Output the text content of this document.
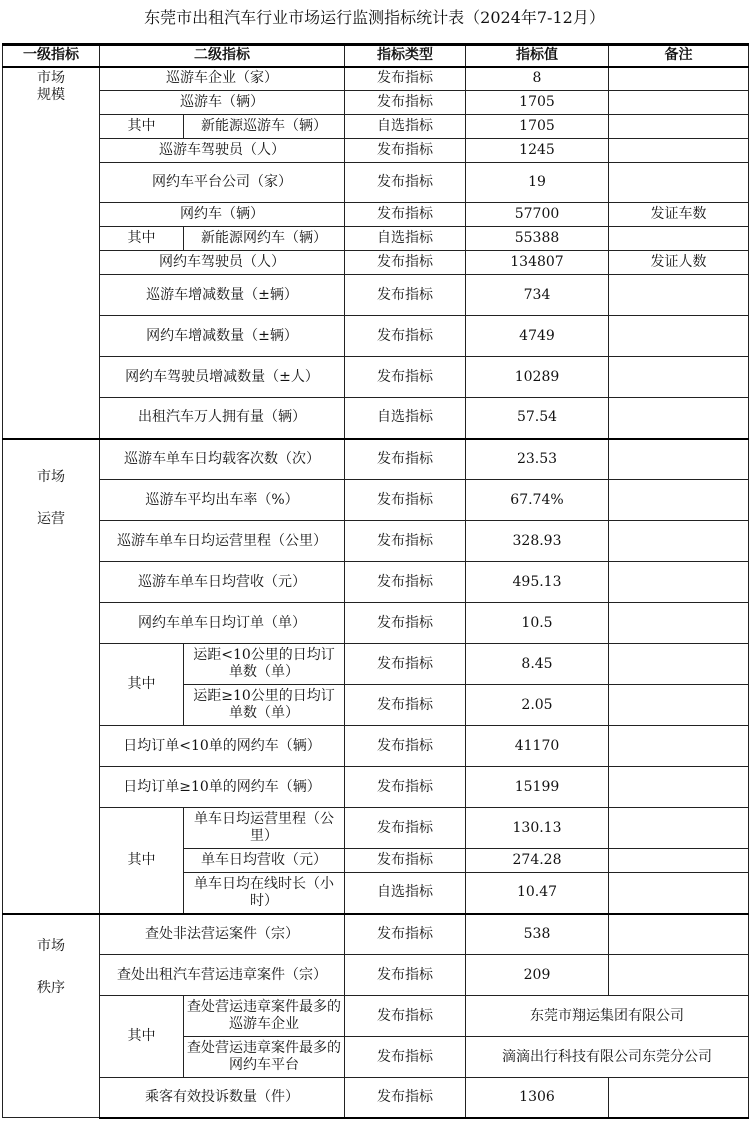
东莞市出租汽车行业市场运行监测指标统计表（2024年7-12月）
一级指标	二级指标		指标类型	指标值	备注
市场
规模	巡游车企业（家）		发布指标	8	
	巡游车（辆）		发布指标	1705	
	其中	新能源巡游车（辆）	自选指标	1705	
	巡游车驾驶员（人）		发布指标	1245	
	网约车平台公司（家）		发布指标	19	
	网约车（辆）		发布指标	57700	发证车数
	其中	新能源网约车（辆）	自选指标	55388	
	网约车驾驶员（人）		发布指标	134807	发证人数
	巡游车增减数量（±辆）		发布指标	734	
	网约车增减数量（±辆）		发布指标	4749	
	网约车驾驶员增减数量（±人）		发布指标	10289	
	出租汽车万人拥有量（辆）		自选指标	57.54	
市场
运营	巡游车单车日均载客次数（次）		发布指标	23.53	
	巡游车平均出车率（%）		发布指标	67.74%	
	巡游车单车日均运营里程（公里）		发布指标	328.93	
	巡游车单车日均营收（元）		发布指标	495.13	
	网约车单车日均订单（单）		发布指标	10.5	
	其中	运距<10公里的日均订单数（单）	发布指标	8.45	
		运距≥10公里的日均订单数（单）	发布指标	2.05	
	日均订单<10单的网约车（辆）		发布指标	41170	
	日均订单≥10单的网约车（辆）		发布指标	15199	
	其中	单车日均运营里程（公里）	发布指标	130.13	
		单车日均营收（元）	发布指标	274.28	
		单车日均在线时长（小时）	自选指标	10.47	
市场
秩序	查处非法营运案件（宗）		发布指标	538	
	查处出租汽车营运违章案件（宗）		发布指标	209	
	其中	查处营运违章案件最多的巡游车企业	发布指标	东莞市翔运集团有限公司	
		查处营运违章案件最多的网约车平台	发布指标	滴滴出行科技有限公司东莞分公司	
	乘客有效投诉数量（件）		发布指标	1306	
